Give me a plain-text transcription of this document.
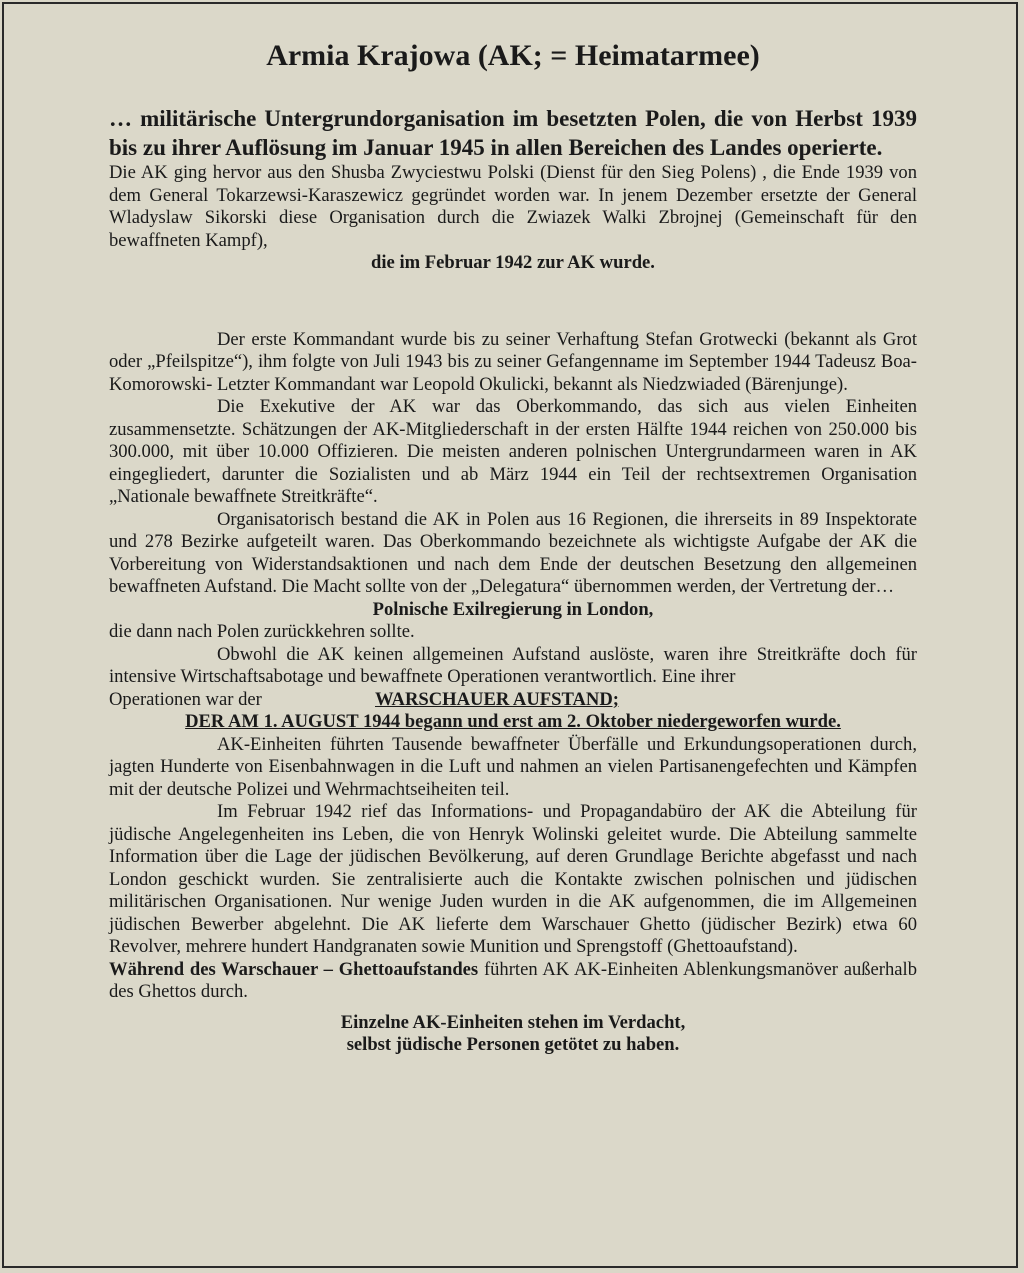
Armia Krajowa (AK; = Heimatarmee)

… militärische Untergrundorganisation im besetzten Polen, die von Herbst 1939 bis zu ihrer Auflösung im Januar 1945 in allen Bereichen des Landes operierte.

Die AK ging hervor aus den Shusba Zwyciestwu Polski (Dienst für den Sieg Polens) , die Ende 1939 von dem General Tokarzewsi-Karaszewicz gegründet worden war. In jenem Dezember ersetzte der General Wladyslaw Sikorski diese Organisation durch die Zwiazek Walki Zbrojnej (Gemeinschaft für den bewaffneten Kampf),

die im Februar 1942 zur AK wurde.

Der erste Kommandant wurde bis zu seiner Verhaftung Stefan Grotwecki (bekannt als Grot oder „Pfeilspitze“), ihm folgte von Juli 1943 bis zu seiner Gefangenname im September 1944 Tadeusz Boa-Komorowski- Letzter Kommandant war Leopold Okulicki, bekannt als Niedzwiaded (Bärenjunge).

Die Exekutive der AK war das Oberkommando, das sich aus vielen Einheiten zusammensetzte. Schätzungen der AK-Mitgliederschaft in der ersten Hälfte 1944 reichen von 250.000 bis 300.000, mit über 10.000 Offizieren. Die meisten anderen polnischen Untergrundarmeen waren in AK eingegliedert, darunter die Sozialisten und ab März 1944 ein Teil der rechtsextremen Organisation „Nationale bewaffnete Streitkräfte“.

Organisatorisch bestand die AK in Polen aus 16 Regionen, die ihrerseits in 89 Inspektorate und 278 Bezirke aufgeteilt waren. Das Oberkommando bezeichnete als wichtigste Aufgabe der AK die Vorbereitung von Widerstandsaktionen und nach dem Ende der deutschen Besetzung den allgemeinen bewaffneten Aufstand. Die Macht sollte von der „Delegatura“ übernommen werden, der Vertretung der…

Polnische Exilregierung in London,

die dann nach Polen zurückkehren sollte.

Obwohl die AK keinen allgemeinen Aufstand auslöste, waren ihre Streitkräfte doch für intensive Wirtschaftsabotage und bewaffnete Operationen verantwortlich. Eine ihrer

Operationen war der	WARSCHAUER AUFSTAND;

DER AM 1. AUGUST 1944 begann und erst am 2. Oktober niedergeworfen wurde.

AK-Einheiten führten Tausende bewaffneter Überfälle und Erkundungsoperationen durch, jagten Hunderte von Eisenbahnwagen in die Luft und nahmen an vielen Partisanengefechten und Kämpfen mit der deutsche Polizei und Wehrmachtseiheiten teil.

Im Februar 1942 rief das Informations- und Propagandabüro der AK die Abteilung für jüdische Angelegenheiten ins Leben, die von Henryk Wolinski geleitet wurde. Die Abteilung sammelte Information über die Lage der jüdischen Bevölkerung, auf deren Grundlage Berichte abgefasst und nach London geschickt wurden. Sie zentralisierte auch die Kontakte zwischen polnischen und jüdischen militärischen Organisationen. Nur wenige Juden wurden in die AK aufgenommen, die im Allgemeinen jüdischen Bewerber abgelehnt. Die AK lieferte dem Warschauer Ghetto (jüdischer Bezirk) etwa 60 Revolver, mehrere hundert Handgranaten sowie Munition und Sprengstoff (Ghettoaufstand).

Während des Warschauer – Ghettoaufstandes führten AK AK-Einheiten Ablenkungsmanöver außerhalb des Ghettos durch.

Einzelne AK-Einheiten stehen im Verdacht,

selbst jüdische Personen getötet zu haben.
